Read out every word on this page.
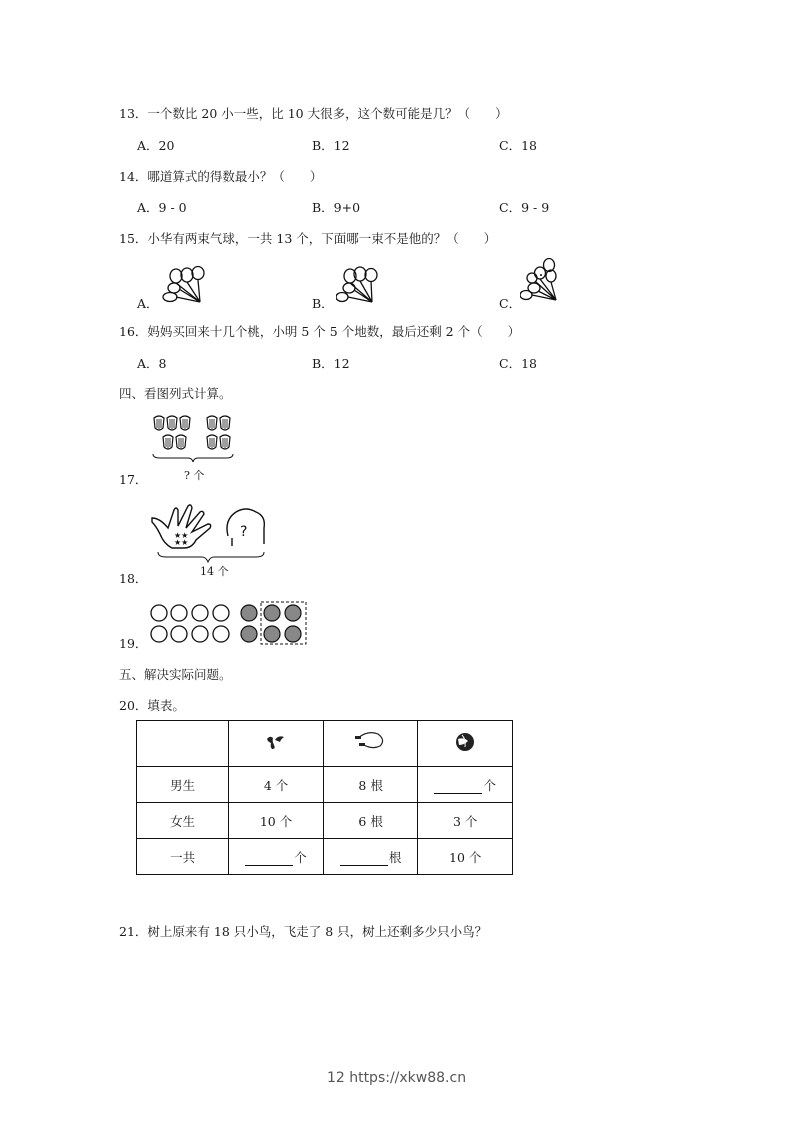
13．一个数比 20 小一些，比 10 大很多，这个数可能是几？（　　）
A．20	B．12	C．18
14．哪道算式的得数最小？（　　）
A．9 - 0	B．9+0	C．9 - 9
15．小华有两束气球，一共 13 个，下面哪一束不是他的？（　　）
A．	B．	C．
16．妈妈买回来十几个桃，小明 5 个 5 个地数，最后还剩 2 个（　　）
A．8	B．12	C．18
四、看图列式计算。
? 个
17．
★★
★★
?
14 个
18．
19．
五、解决实际问题。
20．填表。

男生	4 个	8 根	个
女生	10 个	6 根	3 个
一共	个	根	10 个
21．树上原来有 18 只小鸟，飞走了 8 只，树上还剩多少只小鸟？
12 https://xkw88.cn
